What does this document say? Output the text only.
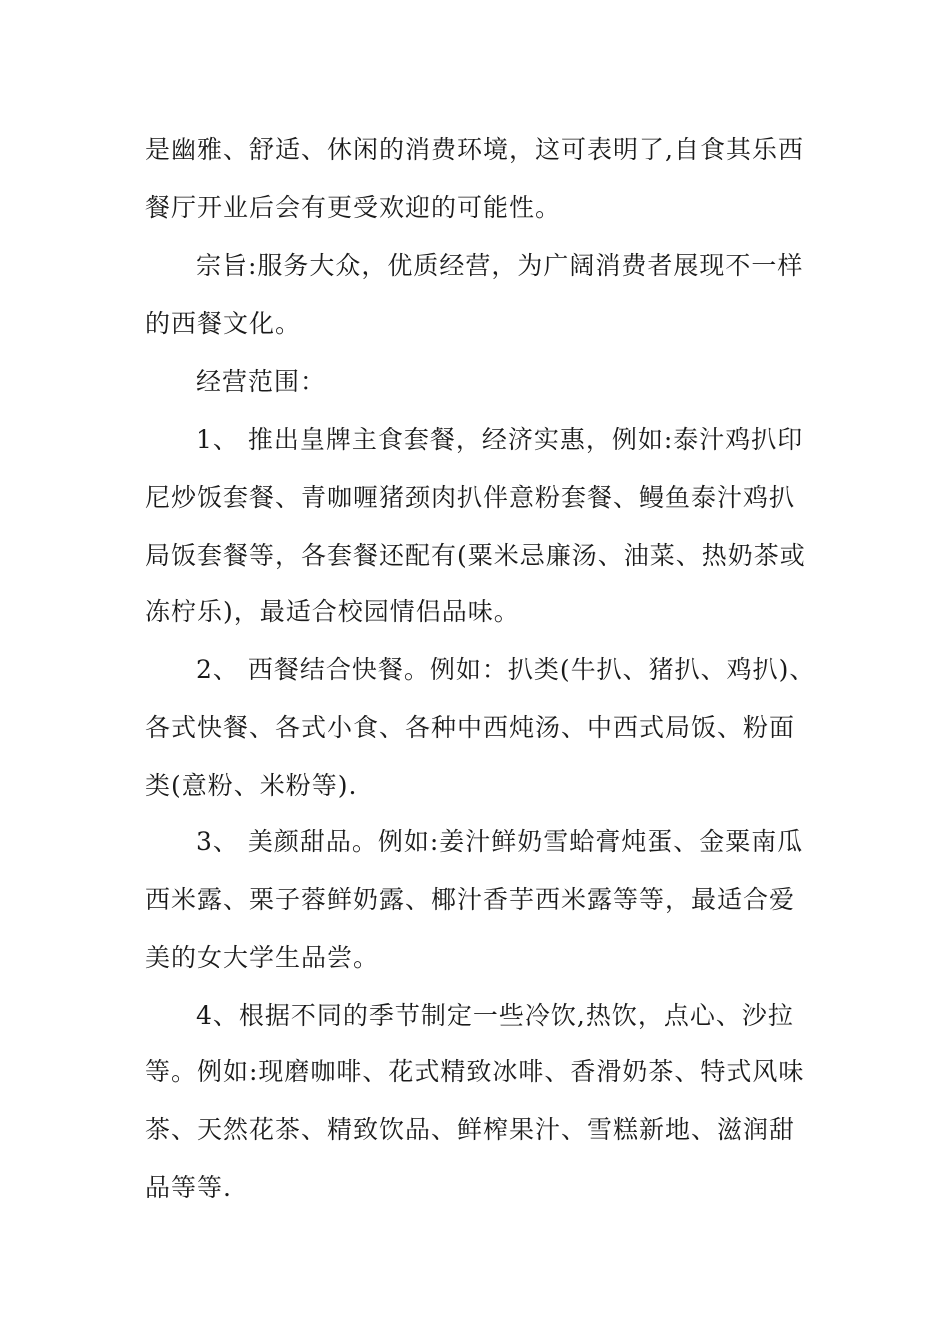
是幽雅、舒适、休闲的消费环境，这可表明了,自食其乐西
餐厅开业后会有更受欢迎的可能性。
宗旨:服务大众，优质经营，为广阔消费者展现不一样
的西餐文化。
经营范围：
1、 推出皇牌主食套餐，经济实惠，例如:泰汁鸡扒印
尼炒饭套餐、青咖喱猪颈肉扒伴意粉套餐、鳗鱼泰汁鸡扒
局饭套餐等，各套餐还配有(粟米忌廉汤、油菜、热奶茶或
冻柠乐)，最适合校园情侣品味。
2、 西餐结合快餐。例如：扒类(牛扒、猪扒、鸡扒)、
各式快餐、各式小食、各种中西炖汤、中西式局饭、粉面
类(意粉、米粉等).
3、 美颜甜品。例如:姜汁鲜奶雪蛤膏炖蛋、金粟南瓜
西米露、栗子蓉鲜奶露、椰汁香芋西米露等等，最适合爱
美的女大学生品尝。
4、根据不同的季节制定一些冷饮,热饮，点心、沙拉
等。例如:现磨咖啡、花式精致冰啡、香滑奶茶、特式风味
茶、天然花茶、精致饮品、鲜榨果汁、雪糕新地、滋润甜
品等等.
